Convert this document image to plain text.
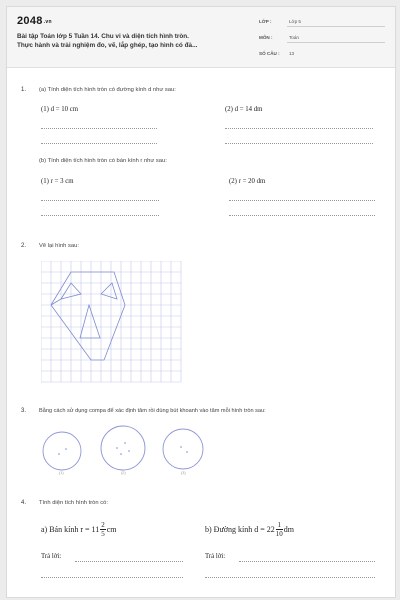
$2048^{.vn}$
Bài tập Toán lớp 5 Tuần 14. Chu vi và diện tích hình tròn.
Thực hành và trải nghiệm đo, vẽ, lắp ghép, tạo hình có đả...
LỚP :	Lớp 5
MÔN :	Toán
SỐ CÂU : 13
1. (a) Tính diện tích hình tròn có đường kính d như sau:
(1) d = 10 cm	(2) d = 14 dm
(b) Tính diện tích hình tròn có bán kính r như sau:
(1) r = 3 cm	(2) r = 20 dm
2. Vẽ lại hình sau:
3. Bằng cách sử dụng compa để xác định tâm rồi dùng bút khoanh vào tâm mỗi hình tròn sau:
(1)	(2)	(3)
4. Tính diện tích hình tròn có:
a) Bán kính $r = 11 \frac{2}{5}$ cm	b) Đường kính $d = 22 \frac{1}{10}$ dm
Trả lời:	Trả lời:
